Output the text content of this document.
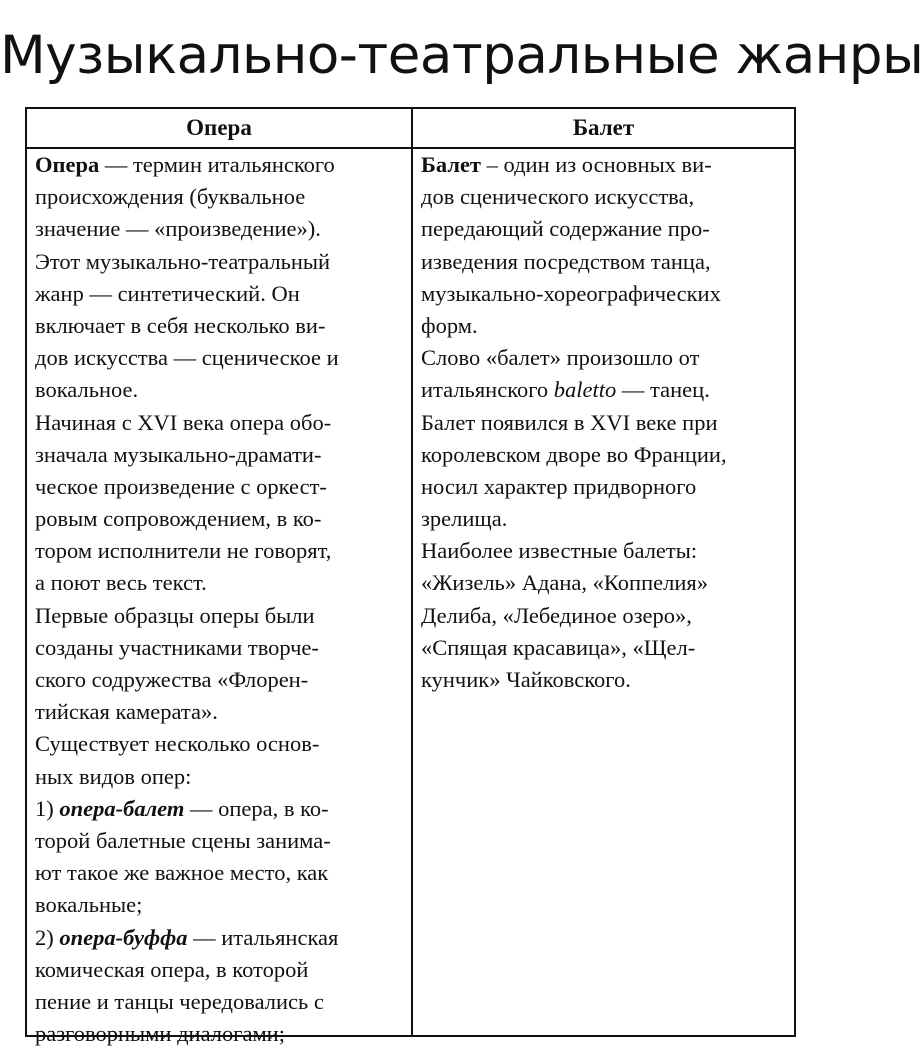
Музыкально-театральные жанры
Опера	Балет
Опера — термин итальянского
происхождения (буквальное
значение — «произведение»).
Этот музыкально-театральный
жанр — синтетический. Он
включает в себя несколько ви-
дов искусства — сценическое и
вокальное.
Начиная с XVI века опера обо-
значала музыкально-драмати-
ческое произведение с оркест-
ровым сопровождением, в ко-
тором исполнители не говорят,
а поют весь текст.
Первые образцы оперы были
созданы участниками творче-
ского содружества «Флорен-
тийская камерата».
Существует несколько основ-
ных видов опер:
1) опера-балет — опера, в ко-
торой балетные сцены занима-
ют такое же важное место, как
вокальные;
2) опера-буффа — итальянская
комическая опера, в которой
пение и танцы чередовались с
разговорными диалогами;
Балет – один из основных ви-
дов сценического искусства,
передающий содержание про-
изведения посредством танца,
музыкально-хореографических
форм.
Слово «балет» произошло от
итальянского baletto — танец.
Балет появился в XVI веке при
королевском дворе во Франции,
носил характер придворного
зрелища.
Наиболее известные балеты:
«Жизель» Адана, «Коппелия»
Делиба, «Лебединое озеро»,
«Спящая красавица», «Щел-
кунчик» Чайковского.
